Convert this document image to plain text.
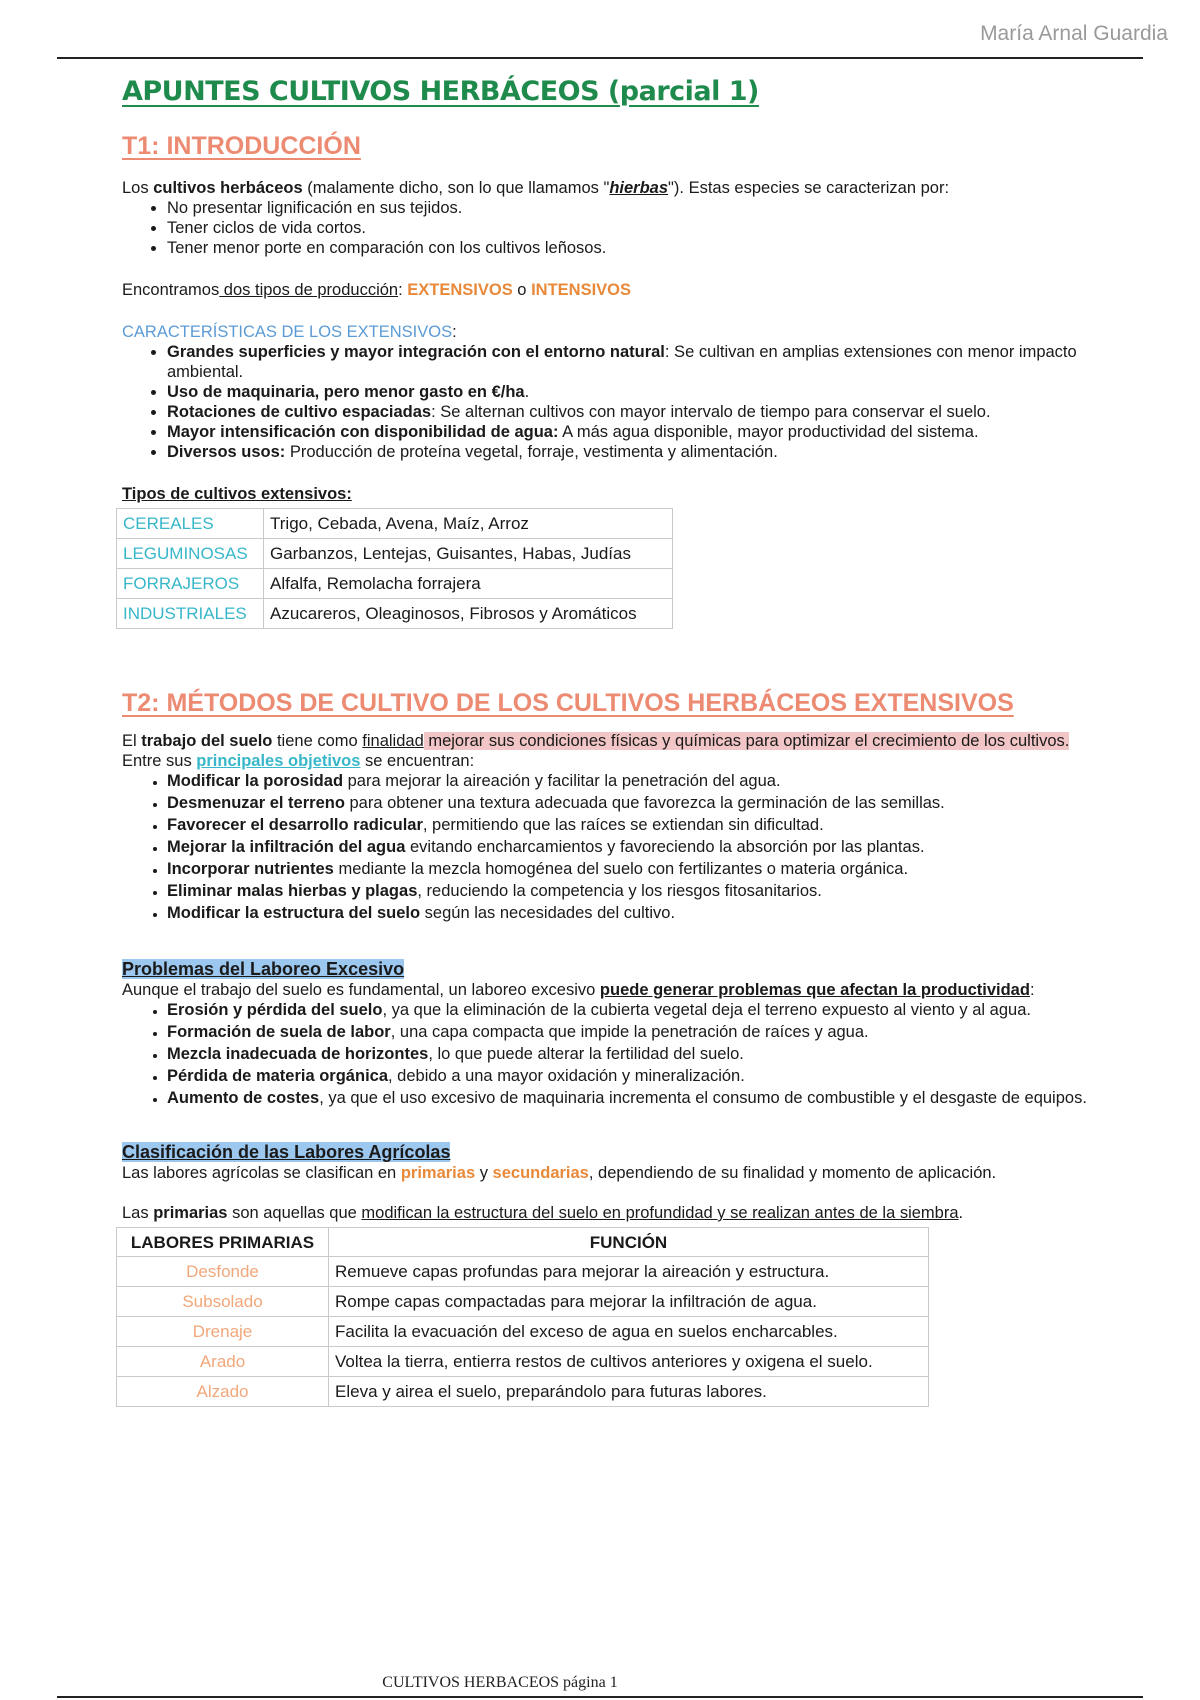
María Arnal Guardia
APUNTES CULTIVOS HERBÁCEOS (parcial 1)
T1: INTRODUCCIÓN

Los cultivos herbáceos (malamente dicho, son lo que llamamos "hierbas"). Estas especies se caracterizan por:

• No presentar lignificación en sus tejidos.
• Tener ciclos de vida cortos.
• Tener menor porte en comparación con los cultivos leñosos.

Encontramos dos tipos de producción: EXTENSIVOS o INTENSIVOS

CARACTERÍSTICAS DE LOS EXTENSIVOS:

• Grandes superficies y mayor integración con el entorno natural: Se cultivan en amplias extensiones con menor impacto ambiental.
• Uso de maquinaria, pero menor gasto en €/ha.
• Rotaciones de cultivo espaciadas: Se alternan cultivos con mayor intervalo de tiempo para conservar el suelo.
• Mayor intensificación con disponibilidad de agua: A más agua disponible, mayor productividad del sistema.
• Diversos usos: Producción de proteína vegetal, forraje, vestimenta y alimentación.

Tipos de cultivos extensivos:

CEREALES	Trigo, Cebada, Avena, Maíz, Arroz
LEGUMINOSAS	Garbanzos, Lentejas, Guisantes, Habas, Judías
FORRAJEROS	Alfalfa, Remolacha forrajera
INDUSTRIALES	Azucareros, Oleaginosos, Fibrosos y Aromáticos
T2: MÉTODOS DE CULTIVO DE LOS CULTIVOS HERBÁCEOS EXTENSIVOS

El trabajo del suelo tiene como finalidad mejorar sus condiciones físicas y químicas para optimizar el crecimiento de los cultivos.

Entre sus principales objetivos se encuentran:

• Modificar la porosidad para mejorar la aireación y facilitar la penetración del agua.
• Desmenuzar el terreno para obtener una textura adecuada que favorezca la germinación de las semillas.
• Favorecer el desarrollo radicular, permitiendo que las raíces se extiendan sin dificultad.
• Mejorar la infiltración del agua evitando encharcamientos y favoreciendo la absorción por las plantas.
• Incorporar nutrientes mediante la mezcla homogénea del suelo con fertilizantes o materia orgánica.
• Eliminar malas hierbas y plagas, reduciendo la competencia y los riesgos fitosanitarios.
• Modificar la estructura del suelo según las necesidades del cultivo.

Problemas del Laboreo Excesivo

Aunque el trabajo del suelo es fundamental, un laboreo excesivo puede generar problemas que afectan la productividad:

• Erosión y pérdida del suelo, ya que la eliminación de la cubierta vegetal deja el terreno expuesto al viento y al agua.
• Formación de suela de labor, una capa compacta que impide la penetración de raíces y agua.
• Mezcla inadecuada de horizontes, lo que puede alterar la fertilidad del suelo.
• Pérdida de materia orgánica, debido a una mayor oxidación y mineralización.
• Aumento de costes, ya que el uso excesivo de maquinaria incrementa el consumo de combustible y el desgaste de equipos.

Clasificación de las Labores Agrícolas

Las labores agrícolas se clasifican en primarias y secundarias, dependiendo de su finalidad y momento de aplicación.

Las primarias son aquellas que modifican la estructura del suelo en profundidad y se realizan antes de la siembra.

LABORES PRIMARIAS	FUNCIÓN
Desfonde	Remueve capas profundas para mejorar la aireación y estructura.
Subsolado	Rompe capas compactadas para mejorar la infiltración de agua.
Drenaje	Facilita la evacuación del exceso de agua en suelos encharcables.
Arado	Voltea la tierra, entierra restos de cultivos anteriores y oxigena el suelo.
Alzado	Eleva y airea el suelo, preparándolo para futuras labores.
CULTIVOS HERBACEOS página 1
